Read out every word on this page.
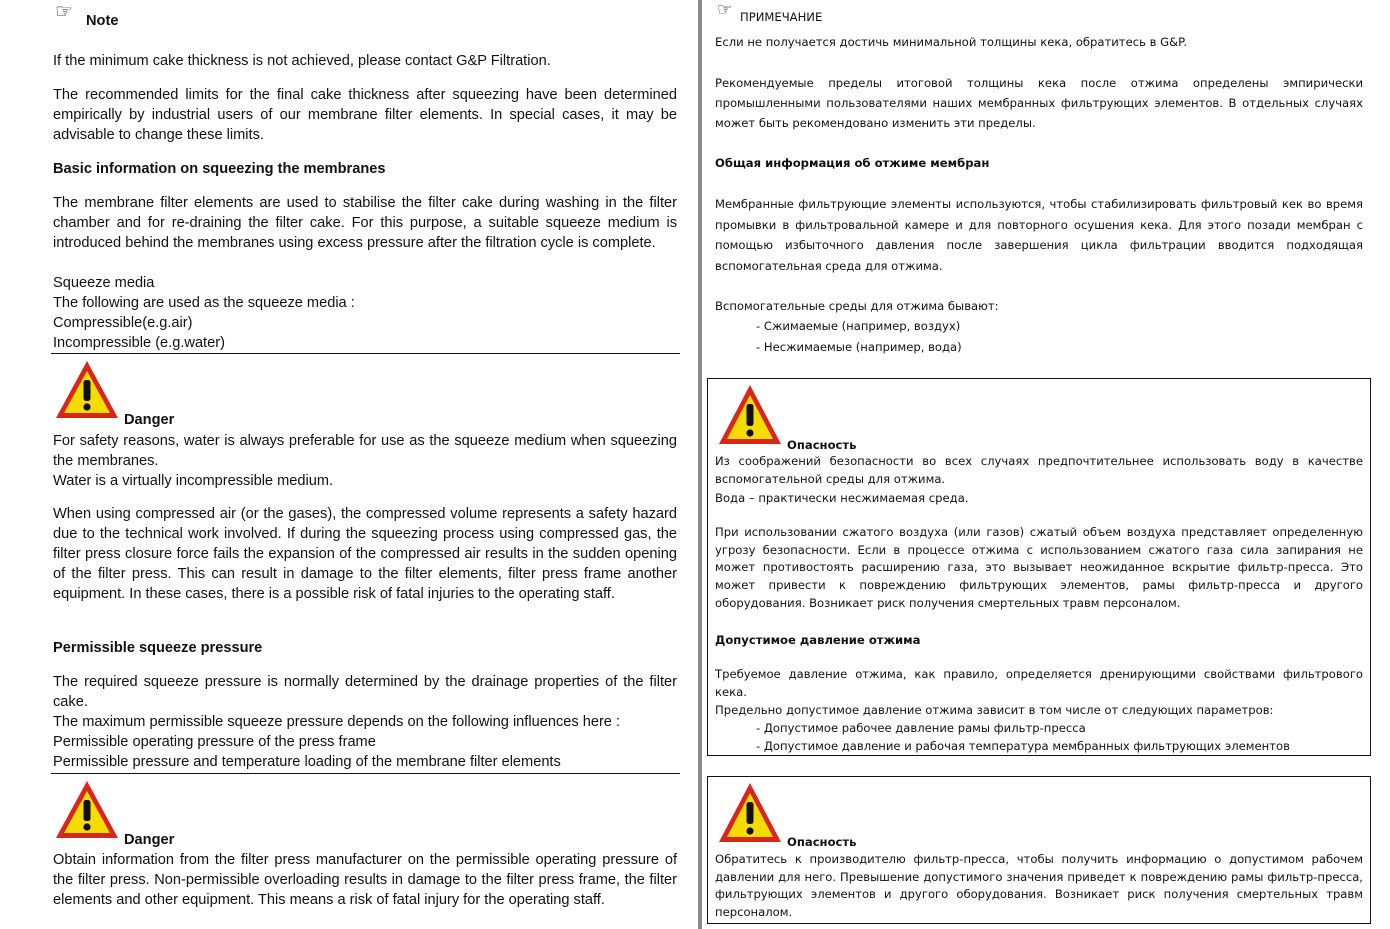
☞ Note

If the minimum cake thickness is not achieved, please contact G&P Filtration.

The recommended limits for the final cake thickness after squeezing have been determined empirically by industrial users of our membrane filter elements. In special cases, it may be advisable to change these limits.

Basic information on squeezing the membranes

The membrane filter elements are used to stabilise the filter cake during washing in the filter chamber and for re-draining the filter cake. For this purpose, a suitable squeeze medium is introduced behind the membranes using excess pressure after the filtration cycle is complete.

Squeeze media

The following are used as the squeeze media :

Compressible(e.g.air)

Incompressible (e.g.water)

Danger

For safety reasons, water is always preferable for use as the squeeze medium when squeezing the membranes.

Water is a virtually incompressible medium.

When using compressed air (or the gases), the compressed volume represents a safety hazard due to the technical work involved. If during the squeezing process using compressed gas, the filter press closure force fails the expansion of the compressed air results in the sudden opening of the filter press. This can result in damage to the filter elements, filter press frame another equipment. In these cases, there is a possible risk of fatal injuries to the operating staff.

Permissible squeeze pressure

The required squeeze pressure is normally determined by the drainage properties of the filter cake.

The maximum permissible squeeze pressure depends on the following influences here :

Permissible operating pressure of the press frame

Permissible pressure and temperature loading of the membrane filter elements

Danger

Obtain information from the filter press manufacturer on the permissible operating pressure of the filter press. Non-permissible overloading results in damage to the filter press frame, the filter elements and other equipment. This means a risk of fatal injury for the operating staff.

☞ ПРИМЕЧАНИЕ

Если не получается достичь минимальной толщины кека, обратитесь в G&P.

Рекомендуемые пределы итоговой толщины кека после отжима определены эмпирически промышленными пользователями наших мембранных фильтрующих элементов. В отдельных случаях может быть рекомендовано изменить эти пределы.

Общая информация об отжиме мембран

Мембранные фильтрующие элементы используются, чтобы стабилизировать фильтровый кек во время промывки в фильтровальной камере и для повторного осушения кека. Для этого позади мембран с помощью избыточного давления после завершения цикла фильтрации вводится подходящая вспомогательная среда для отжима.

Вспомогательные среды для отжима бывают:

- Сжимаемые (например, воздух)

- Несжимаемые (например, вода)

Опасность

Из соображений безопасности во всех случаях предпочтительнее использовать воду в качестве вспомогательной среды для отжима.

Вода – практически несжимаемая среда.

При использовании сжатого воздуха (или газов) сжатый объем воздуха представляет определенную угрозу безопасности. Если в процессе отжима с использованием сжатого газа сила запирания не может противостоять расширению газа, это вызывает неожиданное вскрытие фильтр-пресса. Это может привести к повреждению фильтрующих элементов, рамы фильтр-пресса и другого оборудования. Возникает риск получения смертельных травм персоналом.

Допустимое давление отжима

Требуемое давление отжима, как правило, определяется дренирующими свойствами фильтрового кека.

Предельно допустимое давление отжима зависит в том числе от следующих параметров:

- Допустимое рабочее давление рамы фильтр-пресса

- Допустимое давление и рабочая температура мембранных фильтрующих элементов

Опасность

Обратитесь к производителю фильтр-пресса, чтобы получить информацию о допустимом рабочем давлении для него. Превышение допустимого значения приведет к повреждению рамы фильтр-пресса, фильтрующих элементов и другого оборудования. Возникает риск получения смертельных травм персоналом.
